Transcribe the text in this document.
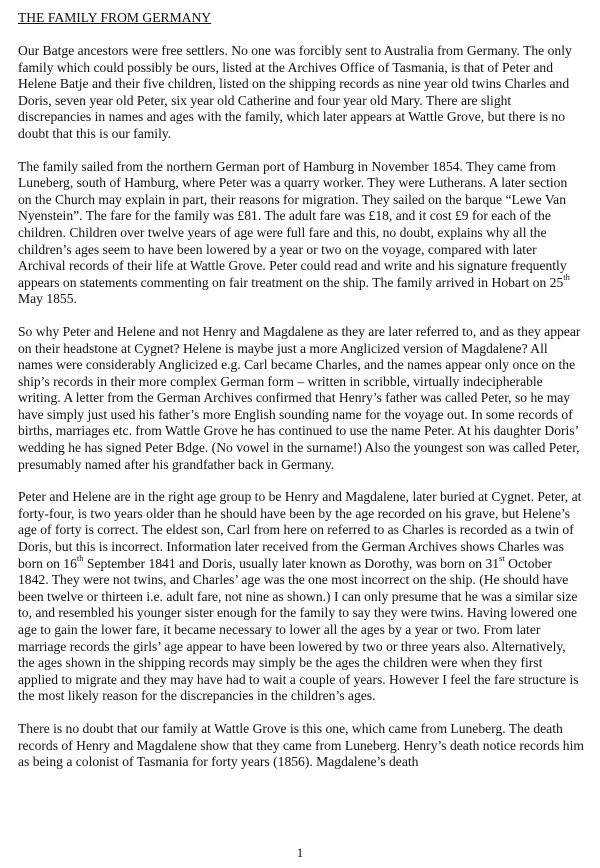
THE FAMILY FROM GERMANY

Our Batge ancestors were free settlers. No one was forcibly sent to Australia from Germany. The only family which could possibly be ours, listed at the Archives Office of Tasmania, is that of Peter and Helene Batje and their five children, listed on the shipping records as nine year old twins Charles and Doris, seven year old Peter, six year old Catherine and four year old Mary. There are slight discrepancies in names and ages with the family, which later appears at Wattle Grove, but there is no doubt that this is our family.

The family sailed from the northern German port of Hamburg in November 1854. They came from Luneberg, south of Hamburg, where Peter was a quarry worker. They were Lutherans. A later section on the Church may explain in part, their reasons for migration. They sailed on the barque “Lewe Van Nyenstein”. The fare for the family was £81. The adult fare was £18, and it cost £9 for each of the children. Children over twelve years of age were full fare and this, no doubt, explains why all the children’s ages seem to have been lowered by a year or two on the voyage, compared with later Archival records of their life at Wattle Grove. Peter could read and write and his signature frequently appears on statements commenting on fair treatment on the ship. The family arrived in Hobart on 25th May 1855.

So why Peter and Helene and not Henry and Magdalene as they are later referred to, and as they appear on their headstone at Cygnet? Helene is maybe just a more Anglicized version of Magdalene? All names were considerably Anglicized e.g. Carl became Charles, and the names appear only once on the ship’s records in their more complex German form – written in scribble, virtually indecipherable writing. A letter from the German Archives confirmed that Henry’s father was called Peter, so he may have simply just used his father’s more English sounding name for the voyage out. In some records of births, marriages etc. from Wattle Grove he has continued to use the name Peter. At his daughter Doris’ wedding he has signed Peter Bdge. (No vowel in the surname!) Also the youngest son was called Peter, presumably named after his grandfather back in Germany.

Peter and Helene are in the right age group to be Henry and Magdalene, later buried at Cygnet. Peter, at forty-four, is two years older than he should have been by the age recorded on his grave, but Helene’s age of forty is correct. The eldest son, Carl from here on referred to as Charles is recorded as a twin of Doris, but this is incorrect. Information later received from the German Archives shows Charles was born on 16th September 1841 and Doris, usually later known as Dorothy, was born on 31st October 1842. They were not twins, and Charles’ age was the one most incorrect on the ship. (He should have been twelve or thirteen i.e. adult fare, not nine as shown.) I can only presume that he was a similar size to, and resembled his younger sister enough for the family to say they were twins. Having lowered one age to gain the lower fare, it became necessary to lower all the ages by a year or two. From later marriage records the girls’ age appear to have been lowered by two or three years also. Alternatively, the ages shown in the shipping records may simply be the ages the children were when they first applied to migrate and they may have had to wait a couple of years. However I feel the fare structure is the most likely reason for the discrepancies in the children’s ages.

There is no doubt that our family at Wattle Grove is this one, which came from Luneberg. The death records of Henry and Magdalene show that they came from Luneberg. Henry’s death notice records him as being a colonist of Tasmania for forty years (1856). Magdalene’s death

1
